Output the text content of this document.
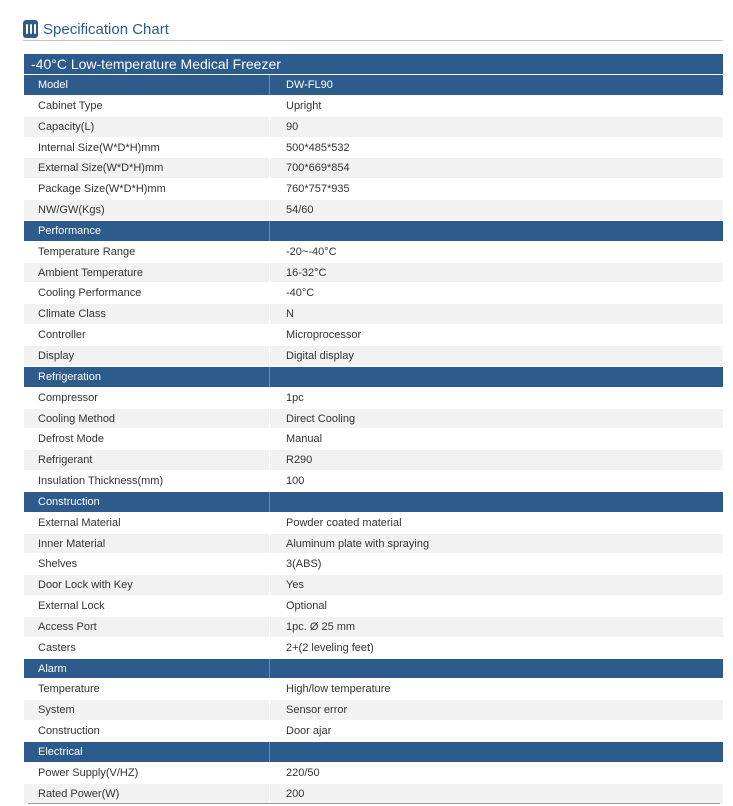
Specification Chart
-40°C Low-temperature Medical Freezer
Model	DW-FL90
Cabinet Type	Upright
Capacity(L)	90
Internal Size(W*D*H)mm	500*485*532
External Size(W*D*H)mm	700*669*854
Package Size(W*D*H)mm	760*757*935
NW/GW(Kgs)	54/60
Performance
Temperature Range	-20~-40°C
Ambient Temperature	16-32°C
Cooling Performance	-40°C
Climate Class	N
Controller	Microprocessor
Display	Digital display
Refrigeration
Compressor	1pc
Cooling Method	Direct Cooling
Defrost Mode	Manual
Refrigerant	R290
Insulation Thickness(mm)	100
Construction
External Material	Powder coated material
Inner Material	Aluminum plate with spraying
Shelves	3(ABS)
Door Lock with Key	Yes
External Lock	Optional
Access Port	1pc. Ø 25 mm
Casters	2+(2 leveling feet)
Alarm
Temperature	High/low temperature
System	Sensor error
Construction	Door ajar
Electrical
Power Supply(V/HZ)	220/50
Rated Power(W)	200
